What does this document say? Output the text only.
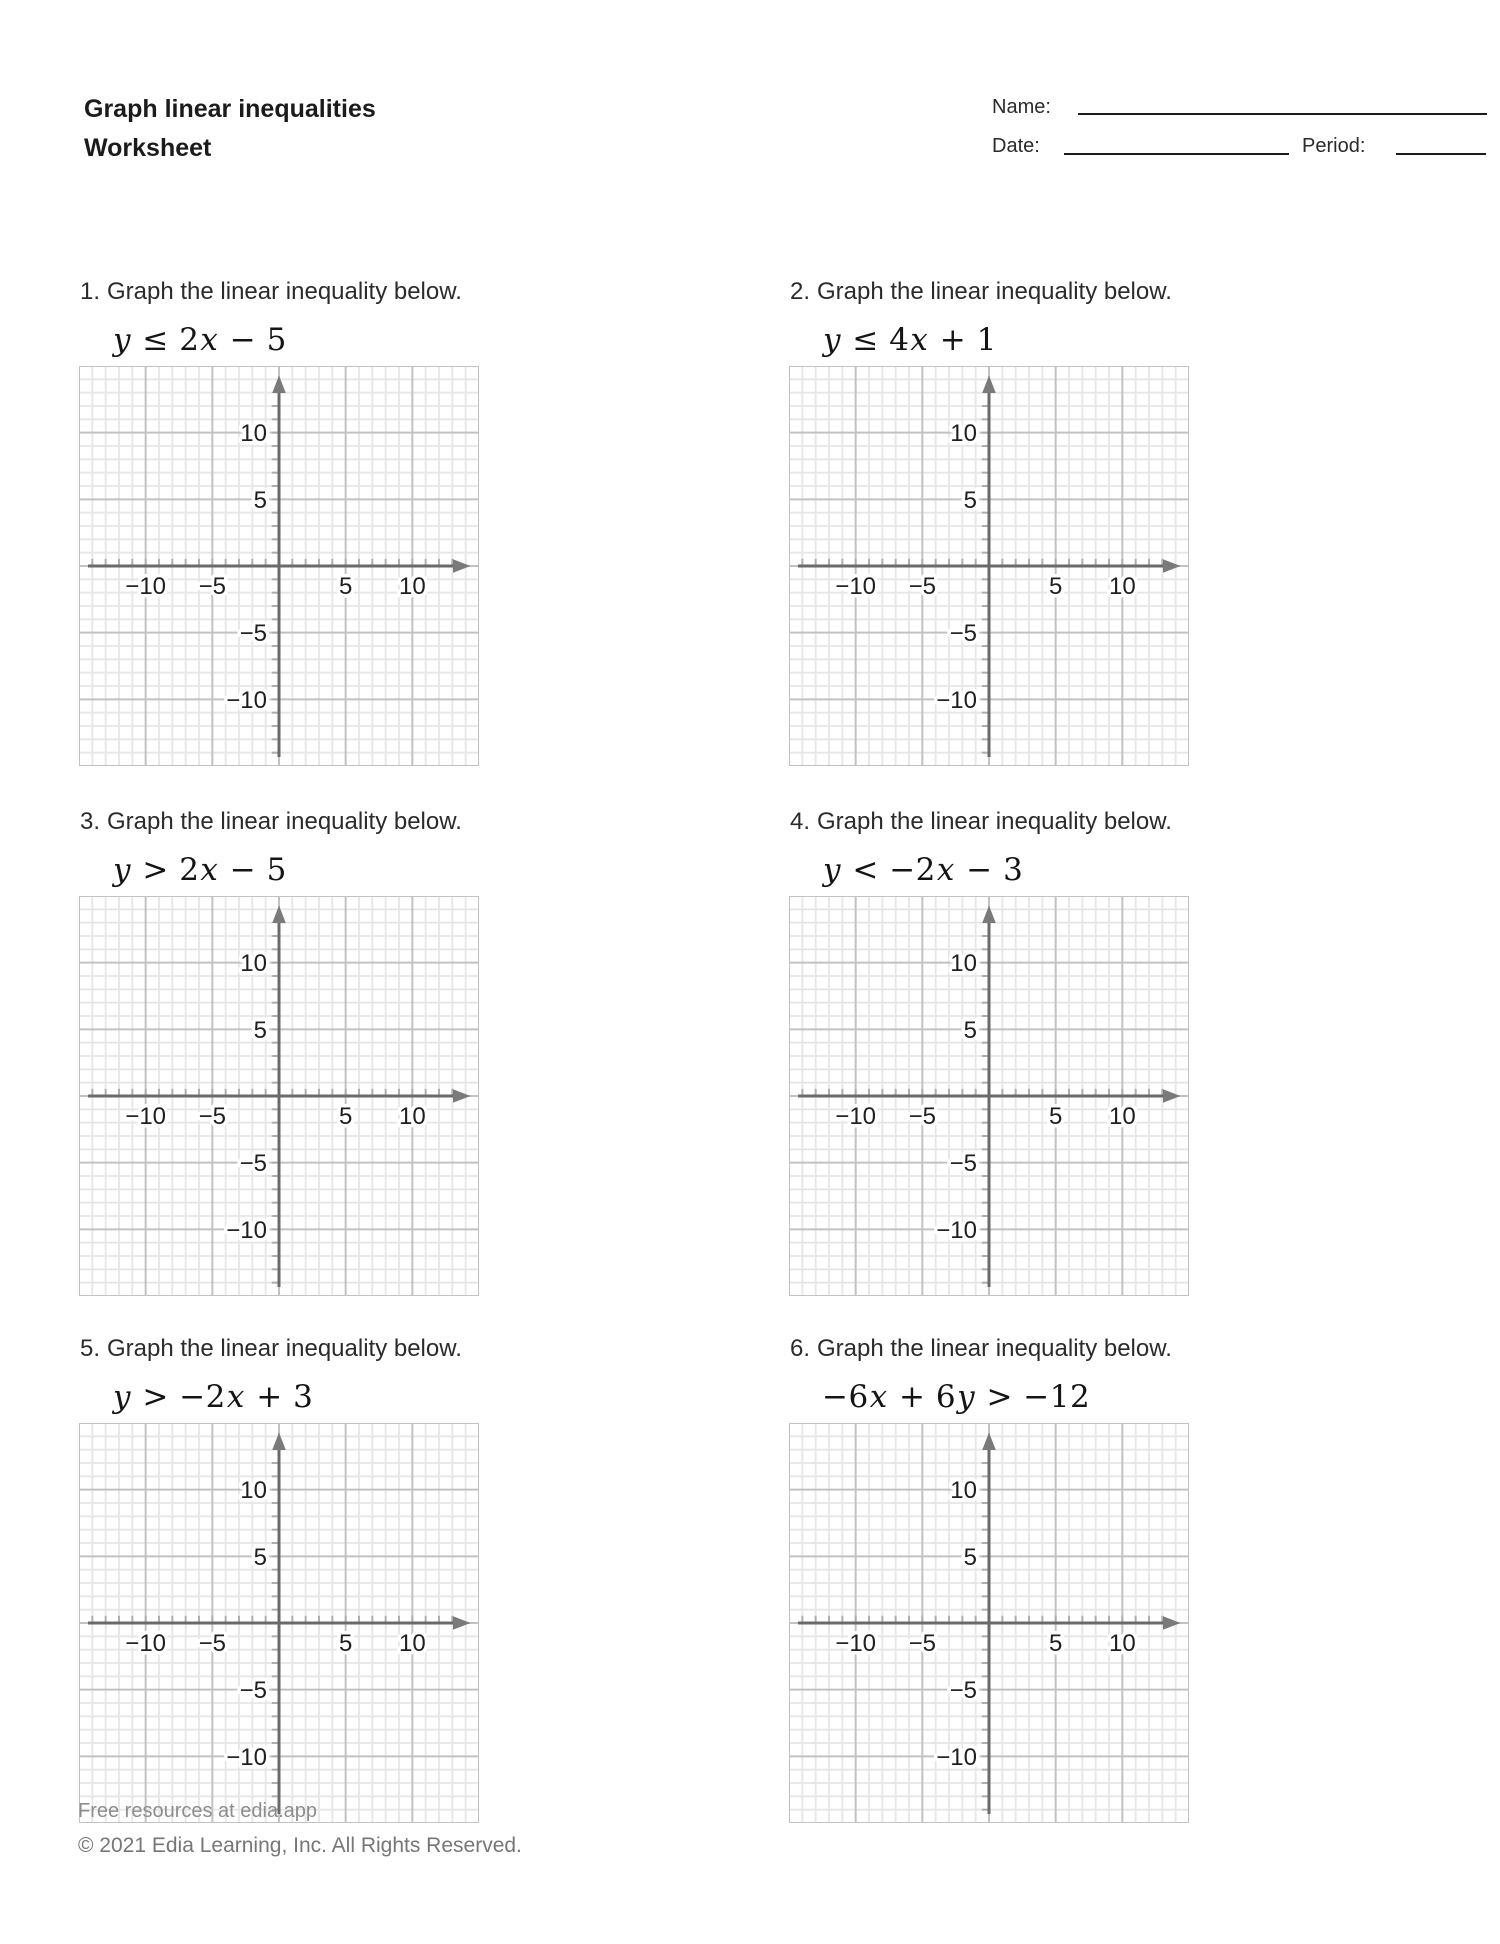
Graph linear inequalities
Worksheet
Name:
Date:	Period:
1. Graph the linear inequality below.
y ≤ 2x − 5
−10 −5	5 10
10
5
−5
−10
2. Graph the linear inequality below.
y ≤ 4x + 1
−10 −5	5 10
10
5
−5
−10
3. Graph the linear inequality below.
y > 2x − 5
−10 −5	5 10
10
5
−5
−10
4. Graph the linear inequality below.
y < −2x − 3
−10 −5	5 10
10
5
−5
−10
5. Graph the linear inequality below.
y > −2x + 3
−10 −5	5 10
10
5
−5
−10
6. Graph the linear inequality below.
−6x + 6y > −12
−10 −5	5 10
10
5
−5
−10
Free resources at edia.app
© 2021 Edia Learning, Inc. All Rights Reserved.
